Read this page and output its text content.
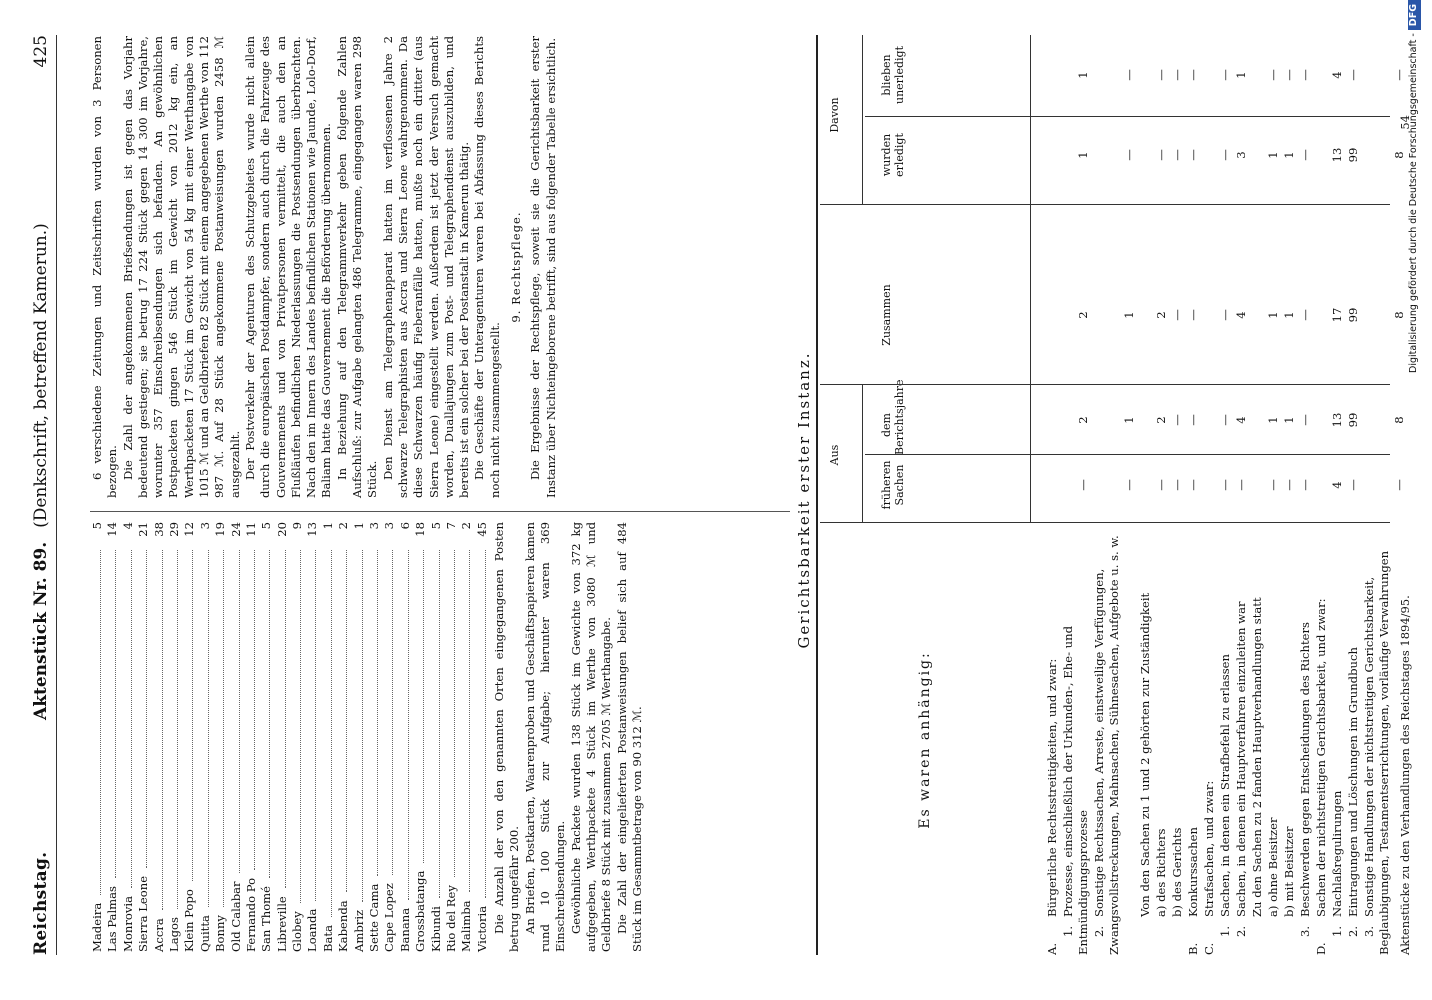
Reichstag.
Aktenstück Nr. 89. (Denkschrift, betreffend Kamerun.)
425
Madeira
5
Las Palmas
14
Monrovia
4
Sierra Leone
21
Accra
38
Lagos
29
Klein Popo
12
Quitta
3
Bonny
19
Old Calabar
24
Fernando Po
11
San Thomé
5
Libreville
20
Globey
9
Loanda
13
Bata
1
Kabenda
2
Ambriz
1
Sette Cama
3
Cape Lopez
3
Banana
6
Grossbatanga
18
Kibundi
5
Rio del Rey
7
Malimba
2
Victoria
45 Die Anzahl der von den genannten Orten eingegangenen Posten betrug ungefähr 200. An Briefen, Postkarten, Waarenproben und Geschäftspapieren kamen rund 10 100 Stück zur Aufgabe; hierunter waren 369 Einschreibsendungen. Gewöhnliche Packete wurden 138 Stück im Gewichte von 372 kg aufgegeben, Werthpackete 4 Stück im Werthe von 3080 ℳ und Geldbriefe 8 Stück mit zusammen 2705 ℳ Werthangabe. Die Zahl der eingelieferten Postanweisungen belief sich auf 484 Stück im Gesammtbetrage von 90 312 ℳ.

6 verschiedene Zeitungen und Zeitschriften wurden von 3 Personen bezogen. Die Zahl der angekommenen Briefsendungen ist gegen das Vorjahr bedeutend gestiegen; sie betrug 17 224 Stück gegen 14 300 im Vorjahre, worunter 357 Einschreibsendungen sich befanden. An gewöhnlichen Postpacketen gingen 546 Stück im Gewicht von 2012 kg ein, an Werthpacketen 17 Stück im Gewicht von 54 kg mit einer Werthangabe von 1015 ℳ und an Geldbriefen 82 Stück mit einem angegebenen Werthe von 112 987 ℳ. Auf 28 Stück angekommene Postanweisungen wurden 2458 ℳ ausgezahlt. Der Postverkehr der Agenturen des Schutzgebietes wurde nicht allein durch die europäischen Postdampfer, sondern auch durch die Fahrzeuge des Gouvernements und von Privatpersonen vermittelt, die auch den an Flußläufen befindlichen Niederlassungen die Postsendungen überbrachten. Nach den im Innern des Landes befindlichen Stationen wie Jaunde, Lolo-Dorf, Baliam hatte das Gouvernement die Beförderung übernommen. In Beziehung auf den Telegrammverkehr geben folgende Zahlen Aufschluß: zur Aufgabe gelangten 486 Telegramme, eingegangen waren 298 Stück. Den Dienst am Telegraphenapparat hatten im verflossenen Jahre 2 schwarze Telegraphisten aus Accra und Sierra Leone wahrgenommen. Da diese Schwarzen häufig Fieberanfälle hatten, mußte noch ein dritter (aus Sierra Leone) eingestellt werden. Außerdem ist jetzt der Versuch gemacht worden, Duallajungen zum Post- und Telegraphendienst auszubilden, und bereits ist ein solcher bei der Postanstalt in Kamerun thätig. Die Geschäfte der Unteragenturen waren bei Abfassung dieses Berichts noch nicht zusammengestellt.

9. Rechtspflege. Die Ergebnisse der Rechtspflege, soweit sie die Gerichtsbarkeit erster Instanz über Nichteingeborene betrifft, sind aus folgender Tabelle ersichtlich.

Gerichtsbarkeit erster Instanz.
Es waren anhängig:
Aus
Davon
früheren Sachen
dem Berichtsjahre
Zusammen
wurden erledigt
blieben unerledigt
A.Bürgerliche Rechtsstreitigkeiten, und zwar:
1.Prozesse, einschließlich der Urkunden-, Ehe- und Entmündigungsprozesse
—
2
2
1
1
2.Sonstige Rechtssachen, Arreste, einstweilige Verfügungen, Zwangsvollstreckungen, Mahnsachen, Sühnesachen, Aufgebote u. s. w.
—
1
1
—
—
Von den Sachen zu 1 und 2 gehörten zur Zuständigkeit a) des Richters
—
2
2
—
—
b) des Gerichts
—
—
—
—
—
B.Konkurssachen
—
—
—
—
—
C.Strafsachen, und zwar:
1.Sachen, in denen ein Strafbefehl zu erlassen
—
—
—
—
—
2.Sachen, in denen ein Hauptverfahren einzuleiten war
—
4
4
3
1
Zu den Sachen zu 2 fanden Hauptverhandlungen statt a) ohne Beisitzer
—
1
1
1
—
b) mit Beisitzer
—
1
1
1
—
3.Beschwerden gegen Entscheidungen des Richters
—
—
—
—
—
D.Sachen der nichtstreitigen Gerichtsbarkeit, und zwar:
1.Nachlaßregulirungen
4
13
17
13
4
2.Eintragungen und Löschungen im Grundbuch
—
99
99
99
—
3.Sonstige Handlungen der nichtstreitigen Gerichtsbarkeit, Beglaubigungen, Testamentserrichtungen, vorläufige Verwahrungen
—
8
8
8
—
Aktenstücke zu den Verhandlungen des Reichstages 1894/95.
54
Digitalisierung gefördert durch die Deutsche Forschungsgemeinschaft -DFG
